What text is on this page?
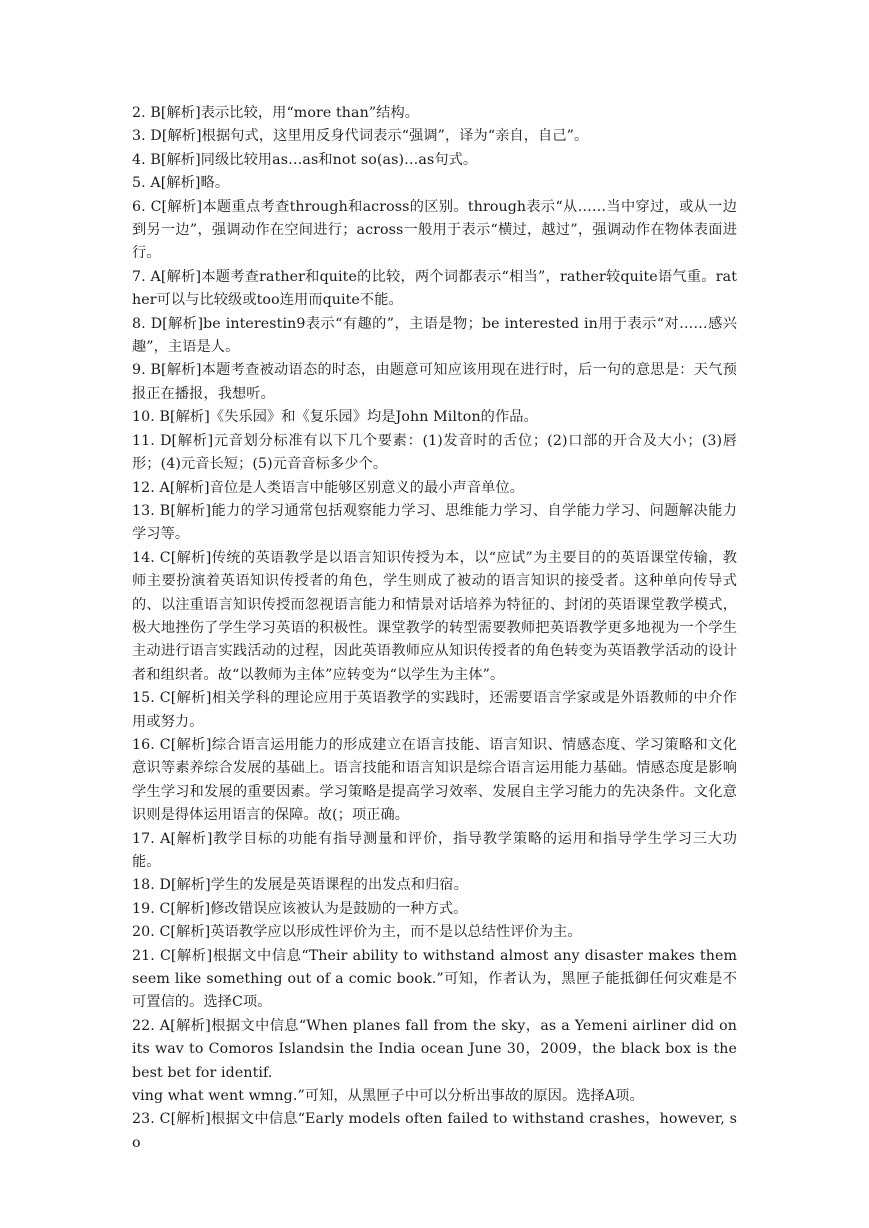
2. B[解析]表示比较，用“more than”结构。

3. D[解析]根据句式，这里用反身代词表示“强调”，译为“亲自，自己”。

4. B[解析]同级比较用as…as和not so(as)…as句式。

5. A[解析]略。

6. C[解析]本题重点考查through和across的区别。through表示“从……当中穿过，或从一边到另一边”，强调动作在空间进行；across一般用于表示“横过，越过”，强调动作在物体表面进行。

7. A[解析]本题考查rather和quite的比较，两个词都表示“相当”，rather较quite语气重。rather可以与比较级或too连用而quite不能。

8. D[解析]be interestin9表示“有趣的”，主语是物；be interested in用于表示“对……感兴趣”，主语是人。

9. B[解析]本题考查被动语态的时态，由题意可知应该用现在进行时，后一句的意思是：天气预报正在播报，我想听。

10. B[解析]《失乐园》和《复乐园》均是John Milton的作品。

11. D[解析]元音划分标准有以下几个要素：(1)发音时的舌位；(2)口部的开合及大小；(3)唇形；(4)元音长短；(5)元音音标多少个。

12. A[解析]音位是人类语言中能够区别意义的最小声音单位。

13. B[解析]能力的学习通常包括观察能力学习、思维能力学习、自学能力学习、问题解决能力学习等。

14. C[解析]传统的英语教学是以语言知识传授为本，以“应试”为主要目的的英语课堂传输，教师主要扮演着英语知识传授者的角色，学生则成了被动的语言知识的接受者。这种单向传导式的、以注重语言知识传授而忽视语言能力和情景对话培养为特征的、封闭的英语课堂教学模式，极大地挫伤了学生学习英语的积极性。课堂教学的转型需要教师把英语教学更多地视为一个学生主动进行语言实践活动的过程，因此英语教师应从知识传授者的角色转变为英语教学活动的设计者和组织者。故“以教师为主体”应转变为“以学生为主体”。

15. C[解析]相关学科的理论应用于英语教学的实践时，还需要语言学家或是外语教师的中介作用或努力。

16. C[解析]综合语言运用能力的形成建立在语言技能、语言知识、情感态度、学习策略和文化意识等素养综合发展的基础上。语言技能和语言知识是综合语言运用能力基础。情感态度是影响学生学习和发展的重要因素。学习策略是提高学习效率、发展自主学习能力的先决条件。文化意识则是得体运用语言的保障。故(；项正确。

17. A[解析]教学目标的功能有指导测量和评价，指导教学策略的运用和指导学生学习三大功能。

18. D[解析]学生的发展是英语课程的出发点和归宿。

19. C[解析]修改错误应该被认为是鼓励的一种方式。

20. C[解析]英语教学应以形成性评价为主，而不是以总结性评价为主。

21. C[解析]根据文中信息“Their ability to withstand almost any disaster makes them seem like something out of a comic book.”可知，作者认为，黑匣子能抵御任何灾难是不可置信的。选择C项。

22. A[解析]根据文中信息“When planes fall from the sky，as a Yemeni airliner did on its wav to Comoros Islandsin the India ocean June 30，2009，the black box is the best bet for identif.

ving what went wmng.”可知，从黑匣子中可以分析出事故的原因。选择A项。

23. C[解析]根据文中信息“Early models often failed to withstand crashes，however, so
